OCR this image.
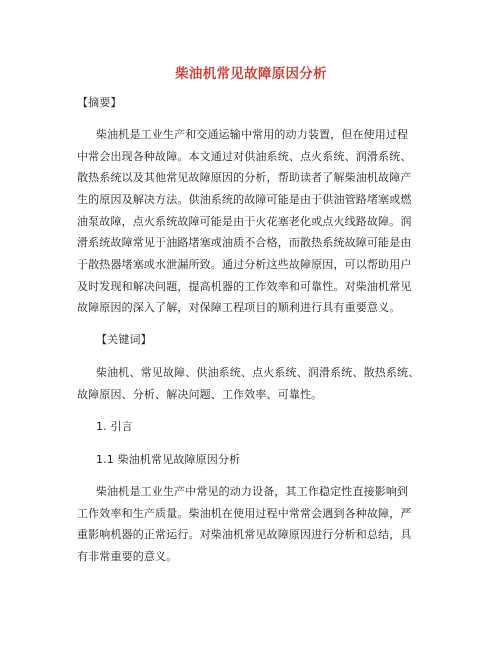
柴油机常见故障原因分析
【摘要】
柴油机是工业生产和交通运输中常用的动力装置，但在使用过程
中常会出现各种故障。本文通过对供油系统、点火系统、润滑系统、
散热系统以及其他常见故障原因的分析，帮助读者了解柴油机故障产
生的原因及解决方法。供油系统的故障可能是由于供油管路堵塞或燃
油泵故障，点火系统故障可能是由于火花塞老化或点火线路故障。润
滑系统故障常见于油路堵塞或油质不合格，而散热系统故障可能是由
于散热器堵塞或水泄漏所致。通过分析这些故障原因，可以帮助用户
及时发现和解决问题，提高机器的工作效率和可靠性。对柴油机常见
故障原因的深入了解，对保障工程项目的顺利进行具有重要意义。
【关键词】
柴油机、常见故障、供油系统、点火系统、润滑系统、散热系统、
故障原因、分析、解决问题、工作效率、可靠性。
1. 引言
1.1 柴油机常见故障原因分析
柴油机是工业生产中常见的动力设备，其工作稳定性直接影响到
工作效率和生产质量。柴油机在使用过程中常常会遇到各种故障，严
重影响机器的正常运行。对柴油机常见故障原因进行分析和总结，具
有非常重要的意义。
